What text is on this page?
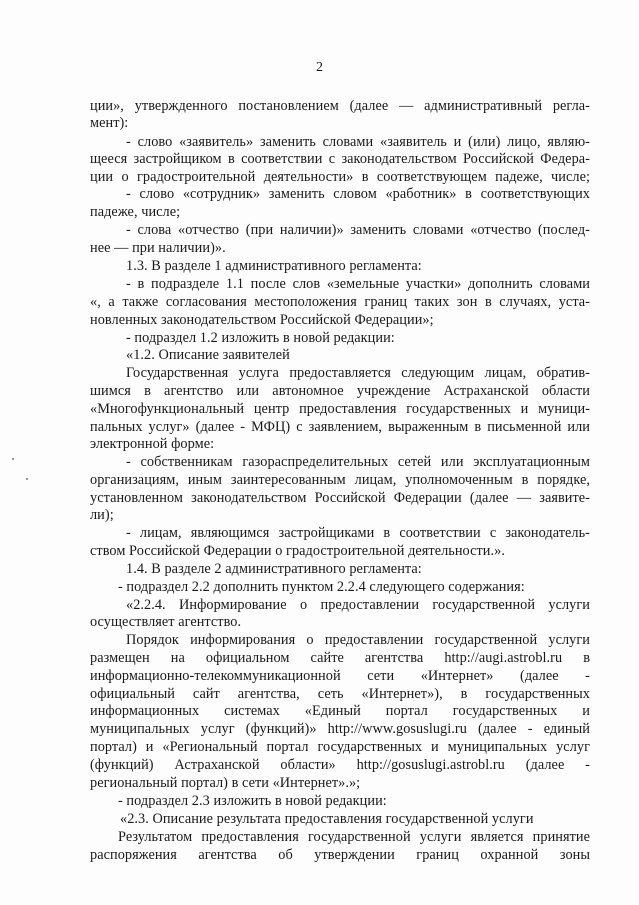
2
ции», утвержденного постановлением (далее — административный регла-
мент):
- слово «заявитель» заменить словами «заявитель и (или) лицо, являю-
щееся застройщиком в соответствии с законодательством Российской Федера-
ции о градостроительной деятельности» в соответствующем падеже, числе;
- слово «сотрудник» заменить словом «работник» в соответствующих
падеже, числе;
- слова «отчество (при наличии)» заменить словами «отчество (послед-
нее — при наличии)».
1.3. В разделе 1 административного регламента:
- в подразделе 1.1 после слов «земельные участки» дополнить словами
«, а также согласования местоположения границ таких зон в случаях, уста-
новленных законодательством Российской Федерации»;
- подраздел 1.2 изложить в новой редакции:
«1.2. Описание заявителей
Государственная услуга предоставляется следующим лицам, обратив-
шимся в агентство или автономное учреждение Астраханской области
«Многофункциональный центр предоставления государственных и муници-
пальных услуг» (далее - МФЦ) с заявлением, выраженным в письменной или
электронной форме:
- собственникам газораспределительных сетей или эксплуатационным
организациям, иным заинтересованным лицам, уполномоченным в порядке,
установленном законодательством Российской Федерации (далее — заявите-
ли);
- лицам, являющимся застройщиками в соответствии с законодатель-
ством Российской Федерации о градостроительной деятельности.».
1.4. В разделе 2 административного регламента:
- подраздел 2.2 дополнить пунктом 2.2.4 следующего содержания:
«2.2.4. Информирование о предоставлении государственной услуги
осуществляет агентство.
Порядок информирования о предоставлении государственной услуги
размещен на официальном сайте агентства http://augi.astrobl.ru в
информационно-телекоммуникационной сети «Интернет» (далее -
официальный сайт агентства, сеть «Интернет»), в государственных
информационных системах «Единый портал государственных и
муниципальных услуг (функций)» http://www.gosuslugi.ru (далее - единый
портал) и «Региональный портал государственных и муниципальных услуг
(функций) Астраханской области» http://gosuslugi.astrobl.ru (далее -
региональный портал) в сети «Интернет».»;
- подраздел 2.3 изложить в новой редакции:
«2.3. Описание результата предоставления государственной услуги
Результатом предоставления государственной услуги является принятие
распоряжения агентства об утверждении границ охранной зоны
